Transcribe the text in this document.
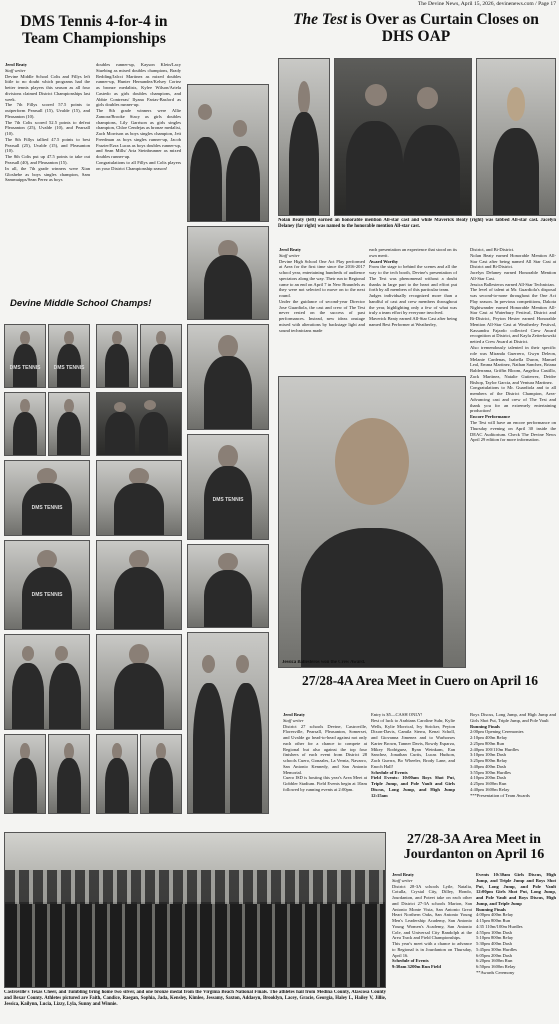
The Devine News, April 15, 2026, devinenews.com / Page 17
DMS Tennis 4-for-4 in Team Championships

Jerol Beaty

Staff writer

Devine Middle School Colts and Fillys left little to no doubt which programs had the better tennis players this season as all four divisions claimed District Championships last week.

The 7th Fillys scored 57.5 points to outperform Pearsall (15), Uvalde (15), and Pleasanton (10).

The 7th Colts scored 52.5 points to defeat Pleasanton (25), Uvalde (10), and Pearsall (10).

The 8th Fillys tallied 47.5 points to best Pearsall (25), Uvalde (15), and Pleasanton (10).

The 8th Colts put up 47.5 points to take out Pearsall (40), and Pleasanton (15).

In all, the 7th grade winners were Xian Gloshebe as boys singles champion, Sam Sammuipps/Sean Perez as boys

doubles runner-up, Kayson Klein/Lacy Stuebing as mixed doubles champions, Brady Redding/Jalcci Martinez as mixed doubles runner-up, Hunter Hernandez/Kelsey Cortez as bronze medalists, Kylee Wilson/Ariela Castedo as girls doubles champions, and Abbie Contreras/ Ilyana Farias-Basford as girls doubles runner-up.

The 8th grade winners were Allie Zamora/Brooke Stacy as girls doubles champions, Lily Garrison as girls singles champion, Chloe Cendejas as bronze medalist, Zach Morrison as boys singles champion, Jett Freedman as boys singles runner-up, Jacob Frazier/Ezra Lucas as boys doubles runner-up, and Sean Mills/ Aria Steinbrunner as mixed doubles runner-up.

Congratulations to all Fillys and Colts players on your District Championship season!

Devine Middle School Champs!
DMS TENNIS	DMS TENNIS
DMS TENNIS
DMS TENNIS
DMS TENNIS
The Test is Over as Curtain Closes on DHS OAP
Nolan Beaty (left) earned an honorable mention All-star cast and while Maverick Beaty (right) was tabbed All-star cast. Jacelyn Delaney (far right) was named to the honorable mention All-star cast.

Jerol Beaty

Staff writer

Devine High School One Act Play performed at Area for the first time since the 2016-2017 school year, entertaining hundreds of audience spectators along the way. Their run to Regional came to an end on April 7 in New Braunfels as they were not selected to move on to the next round.

Under the guidance of second-year Director Jose Guardiola, the cast and crew of The Test never rested on the success of past performances. Instead, new ideas onstage mixed with alterations by backstage light and sound technicians made

each presentation an experience that stood on its own merit.

Award Worthy

From the stage to behind the scenes and all the way to the tech booth, Devine's presentation of The Test was phenomenal without a doubt thanks in large part to the heart and effort put forth by all members of this particular team.

Judges individually recognized more than a handful of cast and crew members throughout the year, highlighting only a few of what was truly a team effort by everyone involved.

Maverick Beaty earned All-Star Cast after being named Best Performer at Weatherley,

District, and Bi-District.

Nolan Beaty earned Honorable Mention All-Star Cast after being named All Star Cast at District and Bi-District.

Jacelyn Delaney earned Honorable Mention All-Star Cast.

Jessica Ballesteros earned All-Star Technician.

The level of talent at Mr. Guardiola's disposal was second-to-none throughout the One Act Play season. In previous competitions, Dakota Nightwander earned Honorable Mention All-Star Cast at Waterbury Festival, District and Bi-District, Peyton Hester earned Honorable Mention All-Star Cast at Weatherley Festival, Kassandra Fajardo collected Crew Award recognition at District, and Kayla Zeiterkowski netted a Crew Award at District.

Also tremendously talented in their specific role was Miranda Guerrero, Gwyn Deleon, Melanie Cardenas, Isabella Duron, Manuel Leal, Emma Martinez, Nathan Sanchez, Briana Balderrama, Griffin Bloom, Angelica Castillo, Zack Martinez, Natalie Gutierrez, Deidre Bishop, Taylor Garcia, and Ventura Martinez.

Congratulations to Mr. Guardiola and to all members of the District Champion, Area-Advancing cast and crew of The Test and thank you for an extremely entertaining production!

Encore Performance

The Test will have an encore performance on Thursday evening on April 30 inside the DEAC Auditorium. Check The Devine News April 29 edition for more information.

Jessica Ballesteros won the Crew Award.
27/28-4A Area Meet in Cuero on April 16

Jerol Beaty

Staff writer

District 27 schools Devine, Castroville, Floresville, Pearsall, Pleasanton, Somerset, and Uvalde go head-to-head against not only each other for a chance to compete at Regional but also against the top four finishers of each event from District 28 schools Cuero, Gonzales, La Vernia, Navarro, San Antonio Kennedy, and San Antonio Memorial.

Cuero ISD is hosting this year's Area Meet at Gobbler Stadium. Field Events begin at 10am followed by running events at 2:00pm.

Entry is $5—CASH ONLY!

Best of luck to Arabians Caroline Suhr, Kylie Wells, Kylie Morrical, Ivy Stricker, Peyton Dixon-Davis, Camila Sierra, Kenzi Scholl, and Giovanna Jimenez and to Warhorses Karter Brown, Tanner Davis, Rowdy Esparza, Mikey Rodriguez, Ryan Weinkam, Ean Sanchez, Jonathan Curtis, Lucas Hudson, Zach Guerra, Bo Wheeler, Brody Lane, and Enoch Hall!

Schedule of Events

Field Events: 10:00am Boys Shot Put, Triple Jump, and Pole Vault and Girls Discus, Long Jump, and High Jump 12:15am

Boys Discus, Long Jump, and High Jump and Girls Shot Put, Triple Jump, and Pole Vault

Running Finals

2:00pm Opening Ceremonies

2:10pm 400m Relay

2:25pm 800m Run

2:40pm 100/110m Hurdles

3:10pm 100m Dash

3:25pm 800m Relay

3:40pm 400m Dash

3:55pm 300m Hurdles

4:10pm 200m Dash

4:25pm 1600m Run

4:40pm 1600m Relay

***Presentation of Team Awards

Castroville's Texas Cheer, and Tumbling bring home two silver, and one bronze medal from the Virginia Beach National Finals. The athletes hail from Medina County, Atascosa County and Bexar County. Athletes pictured are Faith, Candice, Raegan, Sophia, Jada, Kensley, Kimlee, Jessamy, Saxton, Addasyn, Brooklyn, Lacey, Gracie, Georgia, Haley L, Hailey V, Jillie, Jessica, Kailynn, Lucia, Lizzy, Lyla, Sunny and Winnie.
27/28-3A Area Meet in Jourdanton on April 16

Jerol Beaty

Staff writer

District 28-3A schools Lytle, Natalia, Cotulla, Crystal City, Dilley, Hondo, Jourdanton, and Poteet take on each other and District 27-3A schools Marion, San Antonio Monte Vista, San Antonio Great Heart Northern Oaks, San Antonio Young Men's Leadership Academy, San Antonio Young Women's Academy, San Antonio Cole, and Universal City Randolph at the Area Track and Field Championships.

This year's meet with a chance to advance to Regional is in Jourdanton on Thursday, April 16.

Schedule of Events

9:30am 3200m Run Field

Events 10:30am Girls Discus, High Jump, and Triple Jump and Boys Shot Put, Long Jump, and Pole Vault 12:00pm Girls Shot Put, Long Jump, and Pole Vault and Boys Discus, High Jump, and Triple Jump

Running Finals

4:00pm 400m Relay

4:15pm 800m Run

4:35 110m/100m Hurdles

4:55pm 100m Dash

5:10pm 800m Relay

5:30pm 400m Dash

5:45pm 300m Hurdles

6:05pm 200m Dash

6:20pm 1600m Run

6:50pm 1600m Relay

**Awards Ceremony
